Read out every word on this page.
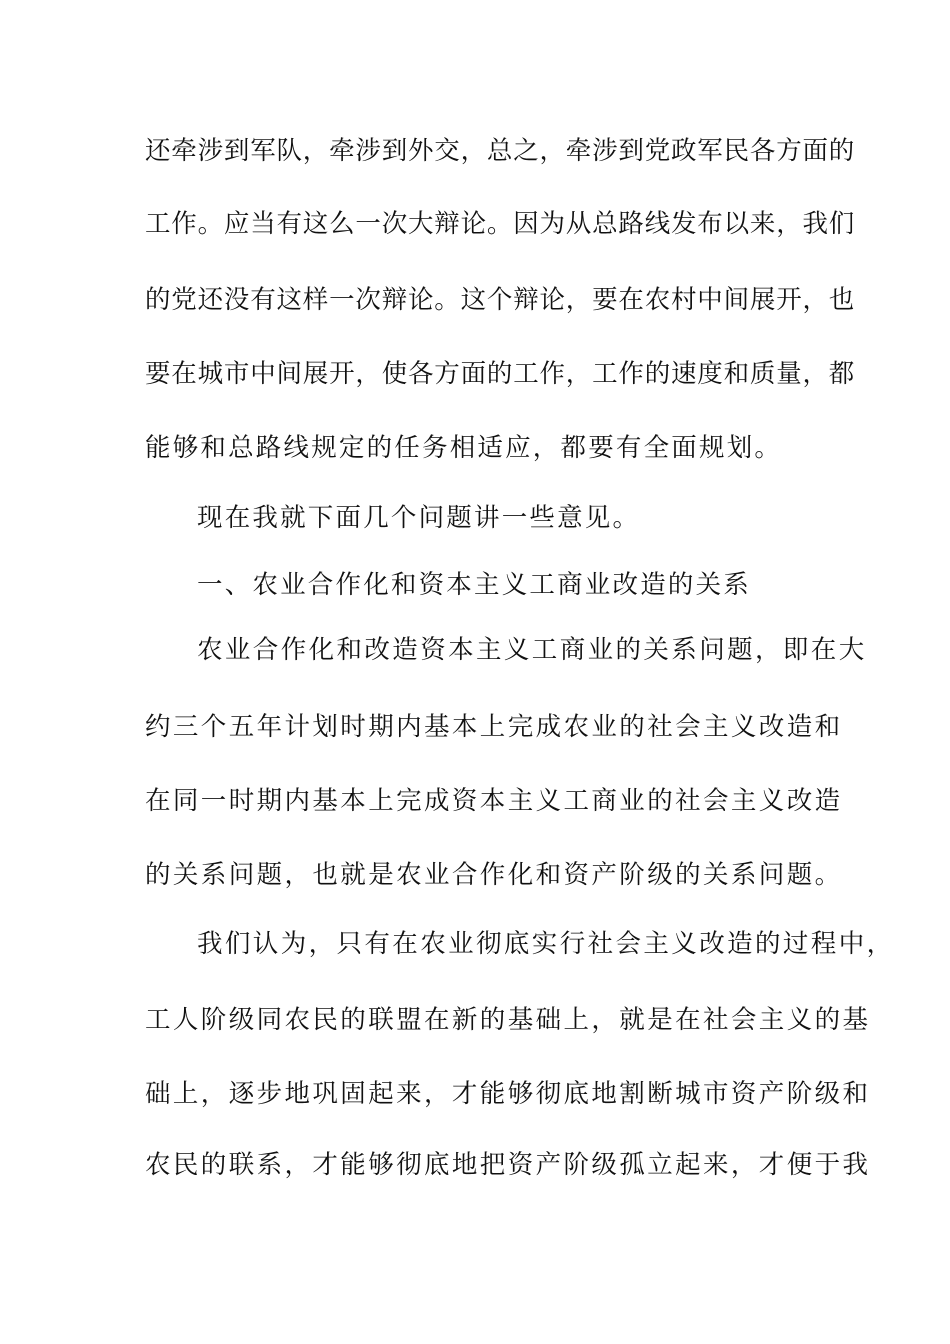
还牵涉到军队，牵涉到外交，总之，牵涉到党政军民各方面的
工作。应当有这么一次大辩论。因为从总路线发布以来，我们
的党还没有这样一次辩论。这个辩论，要在农村中间展开，也
要在城市中间展开，使各方面的工作，工作的速度和质量，都
能够和总路线规定的任务相适应，都要有全面规划。
现在我就下面几个问题讲一些意见。
一、农业合作化和资本主义工商业改造的关系
农业合作化和改造资本主义工商业的关系问题，即在大
约三个五年计划时期内基本上完成农业的社会主义改造和
在同一时期内基本上完成资本主义工商业的社会主义改造
的关系问题，也就是农业合作化和资产阶级的关系问题。
我们认为，只有在农业彻底实行社会主义改造的过程中，
工人阶级同农民的联盟在新的基础上，就是在社会主义的基
础上，逐步地巩固起来，才能够彻底地割断城市资产阶级和
农民的联系，才能够彻底地把资产阶级孤立起来，才便于我
